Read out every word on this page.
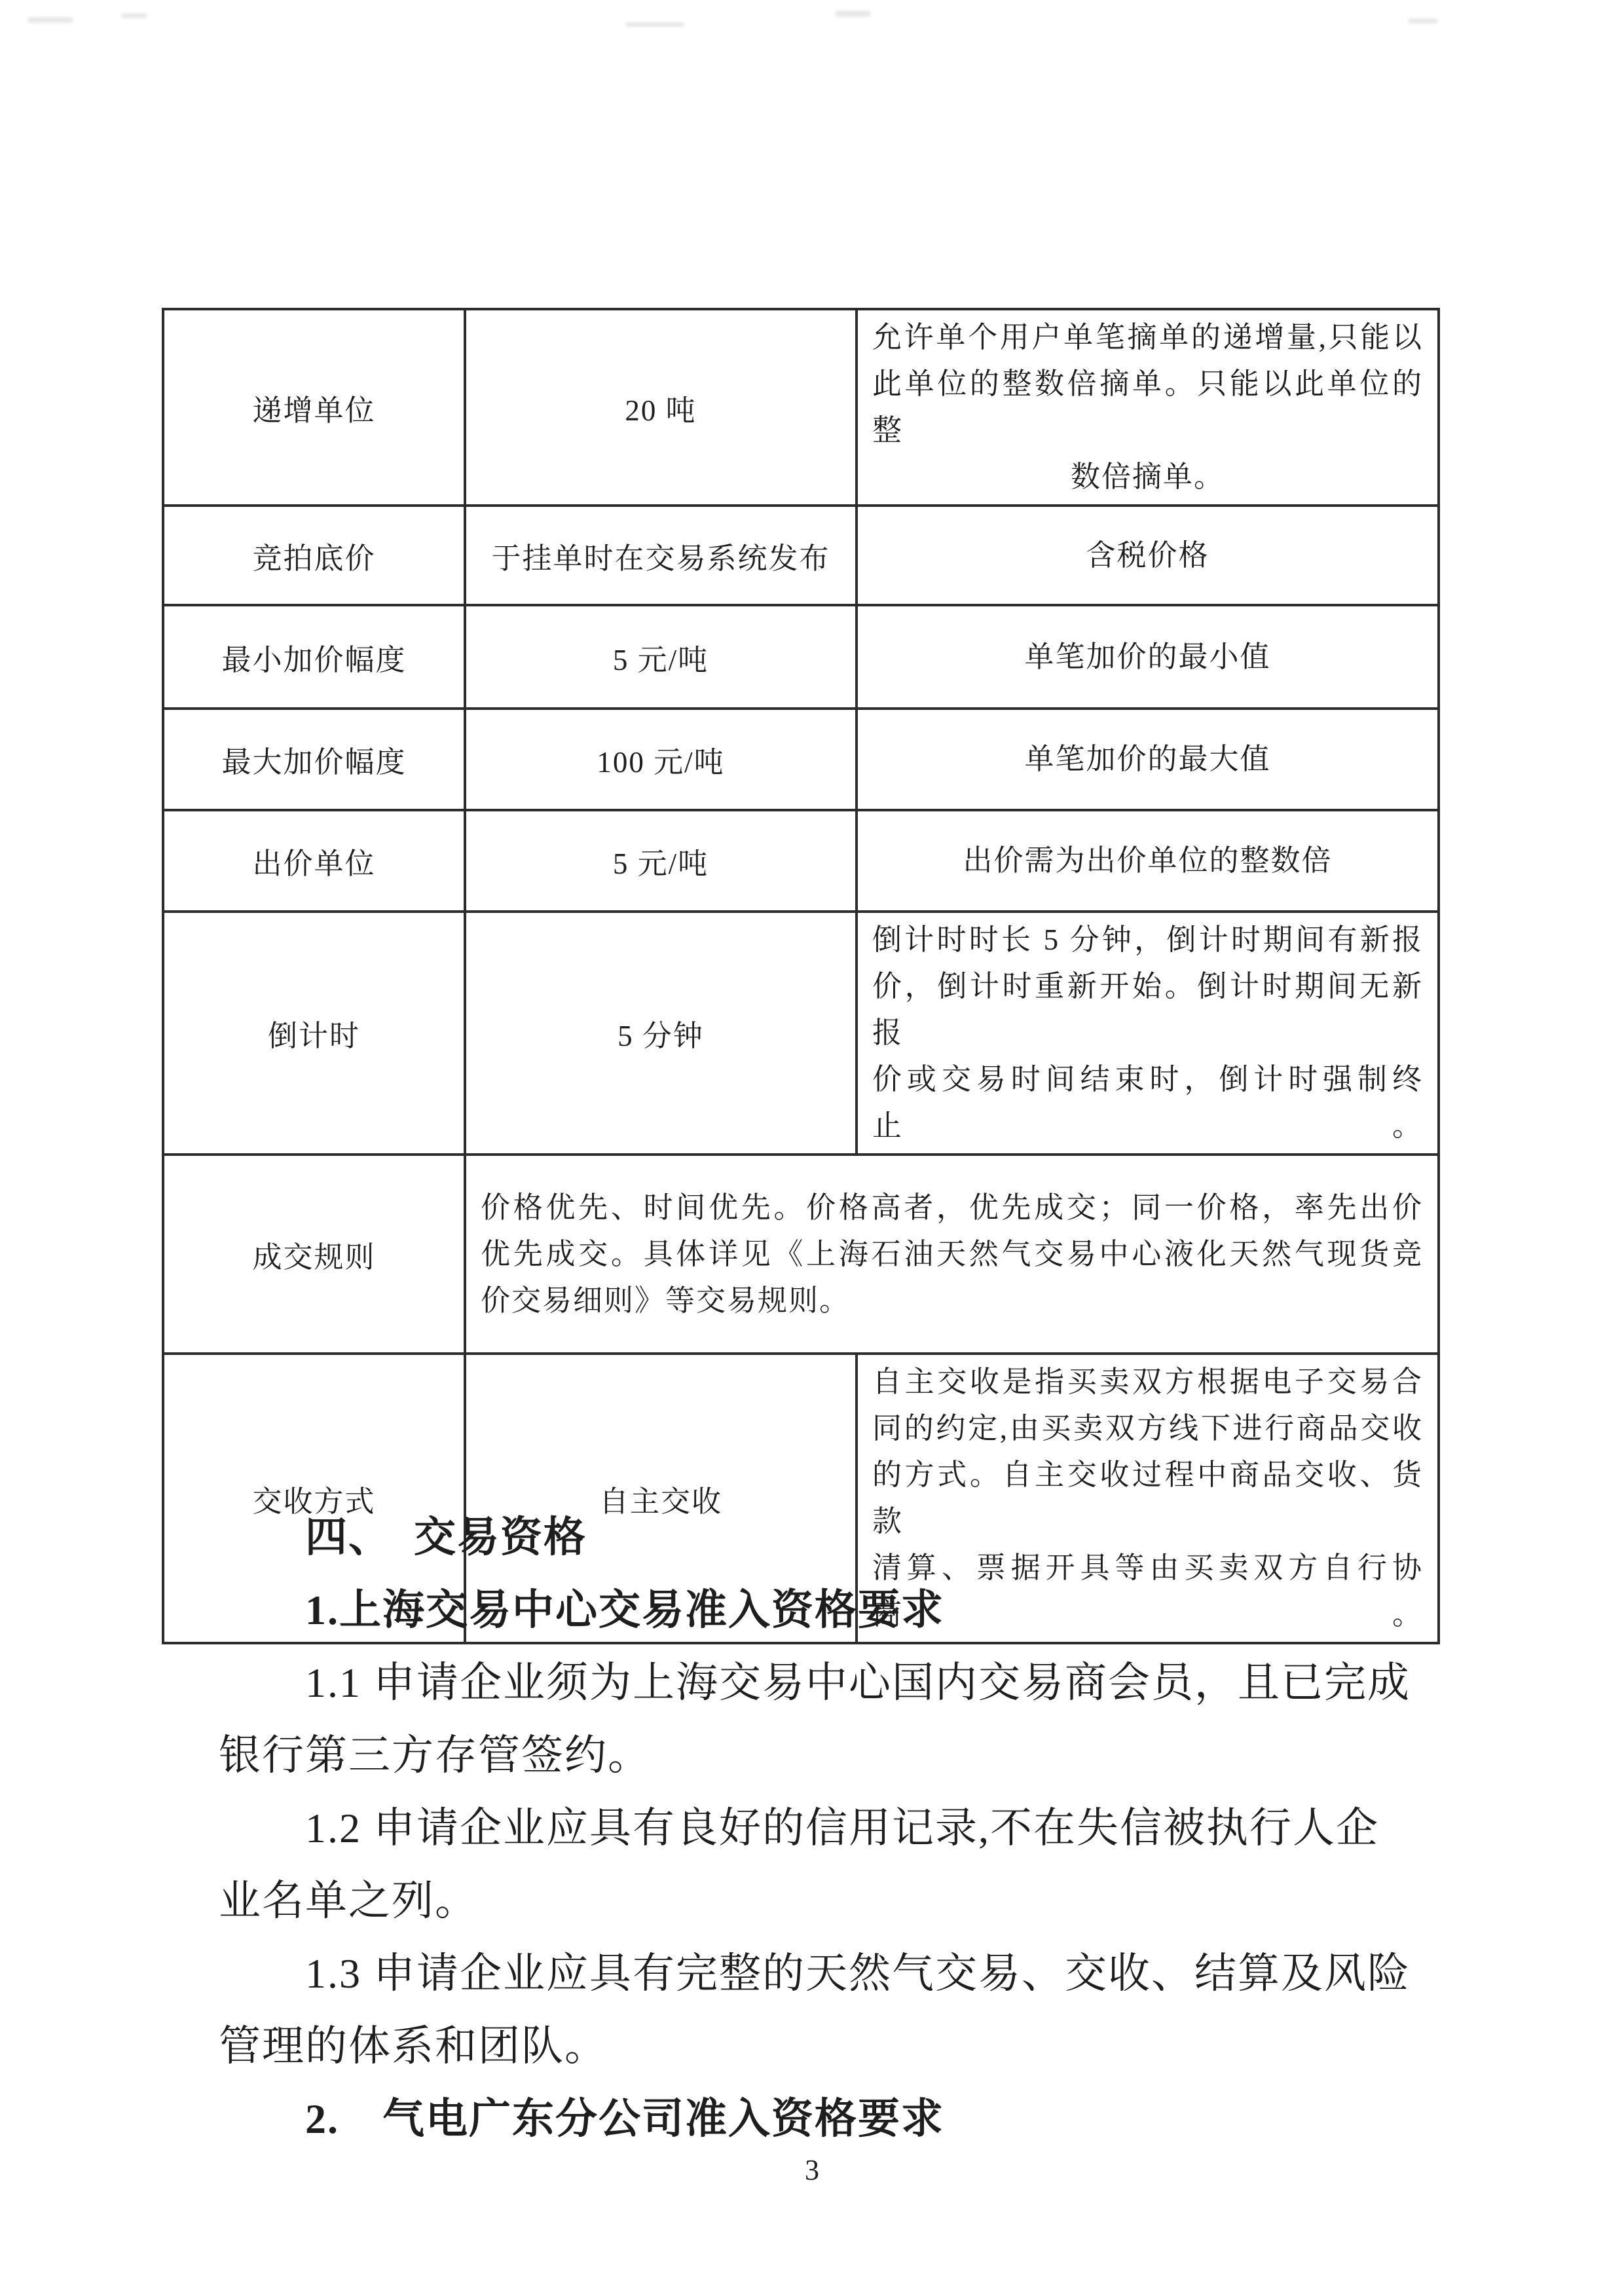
递增单位	20 吨	允许单个用户单笔摘单的递增量,只能以
此单位的整数倍摘单。只能以此单位的整
数倍摘单。

竞拍底价	于挂单时在交易系统发布	含税价格

最小加价幅度	5 元/吨	单笔加价的最小值

最大加价幅度	100 元/吨	单笔加价的最大值

出价单位	5 元/吨	出价需为出价单位的整数倍

倒计时	5 分钟	倒计时时长 5 分钟，倒计时期间有新报
价，倒计时重新开始。倒计时期间无新报
价或交易时间结束时，倒计时强制终止。

成交规则	价格优先、时间优先。价格高者，优先成交；同一价格，率先出价
优先成交。具体详见《上海石油天然气交易中心液化天然气现货竞
价交易细则》等交易规则。	

交收方式	自主交收	自主交收是指买卖双方根据电子交易合
同的约定,由买卖双方线下进行商品交收
的方式。自主交收过程中商品交收、货款
清算、票据开具等由买卖双方自行协商。
四、　交易资格
1.上海交易中心交易准入资格要求
1.1 申请企业须为上海交易中心国内交易商会员，且已完成
银行第三方存管签约。
1.2 申请企业应具有良好的信用记录,不在失信被执行人企
业名单之列。
1.3 申请企业应具有完整的天然气交易、交收、结算及风险
管理的体系和团队。
2.　气电广东分公司准入资格要求
3
